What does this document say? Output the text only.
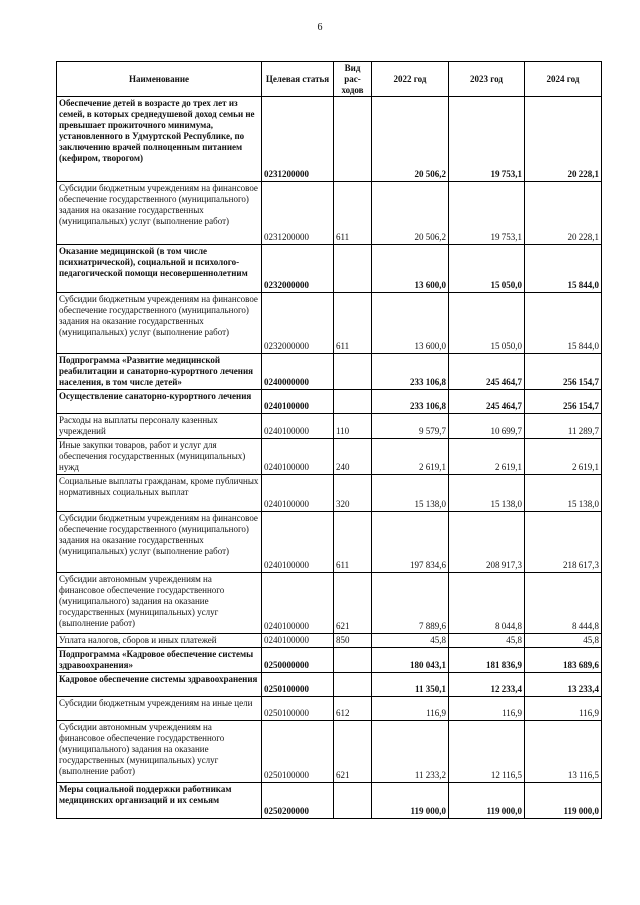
6
Наименование	Целевая статья	Вид рас-ходов	2022 год	2023 год	2024 год
Обеспечение детей в возрасте до трех лет из семей, в которых среднедушевой доход семьи не превышает прожиточного минимума, установленного в Удмуртской Республике, по заключению врачей полноценным питанием (кефиром, творогом)	0231200000		20 506,2	19 753,1	20 228,1
Субсидии бюджетным учреждениям на финансовое обеспечение государственного (муниципального) задания на оказание государственных (муниципальных) услуг (выполнение работ)	0231200000	611	20 506,2	19 753,1	20 228,1
Оказание медицинской (в том числе психиатрической), социальной и психолого-педагогической помощи несовершеннолетним	0232000000		13 600,0	15 050,0	15 844,0
Субсидии бюджетным учреждениям на финансовое обеспечение государственного (муниципального) задания на оказание государственных (муниципальных) услуг (выполнение работ)	0232000000	611	13 600,0	15 050,0	15 844,0
Подпрограмма «Развитие медицинской реабилитации и санаторно-курортного лечения населения, в том числе детей»	0240000000		233 106,8	245 464,7	256 154,7
Осуществление санаторно-курортного лечения	0240100000		233 106,8	245 464,7	256 154,7
Расходы на выплаты персоналу казенных учреждений	0240100000	110	9 579,7	10 699,7	11 289,7
Иные закупки товаров, работ и услуг для обеспечения государственных (муниципальных) нужд	0240100000	240	2 619,1	2 619,1	2 619,1
Социальные выплаты гражданам, кроме публичных нормативных социальных выплат	0240100000	320	15 138,0	15 138,0	15 138,0
Субсидии бюджетным учреждениям на финансовое обеспечение государственного (муниципального) задания на оказание государственных (муниципальных) услуг (выполнение работ)	0240100000	611	197 834,6	208 917,3	218 617,3
Субсидии автономным учреждениям на финансовое обеспечение государственного (муниципального) задания на оказание государственных (муниципальных) услуг (выполнение работ)	0240100000	621	7 889,6	8 044,8	8 444,8
Уплата налогов, сборов и иных платежей	0240100000	850	45,8	45,8	45,8
Подпрограмма «Кадровое обеспечение системы здравоохранения»	0250000000		180 043,1	181 836,9	183 689,6
Кадровое обеспечение системы здравоохранения	0250100000		11 350,1	12 233,4	13 233,4
Субсидии бюджетным учреждениям на иные цели	0250100000	612	116,9	116,9	116,9
Субсидии автономным учреждениям на финансовое обеспечение государственного (муниципального) задания на оказание государственных (муниципальных) услуг (выполнение работ)	0250100000	621	11 233,2	12 116,5	13 116,5
Меры социальной поддержки работникам медицинских организаций и их семьям	0250200000		119 000,0	119 000,0	119 000,0
